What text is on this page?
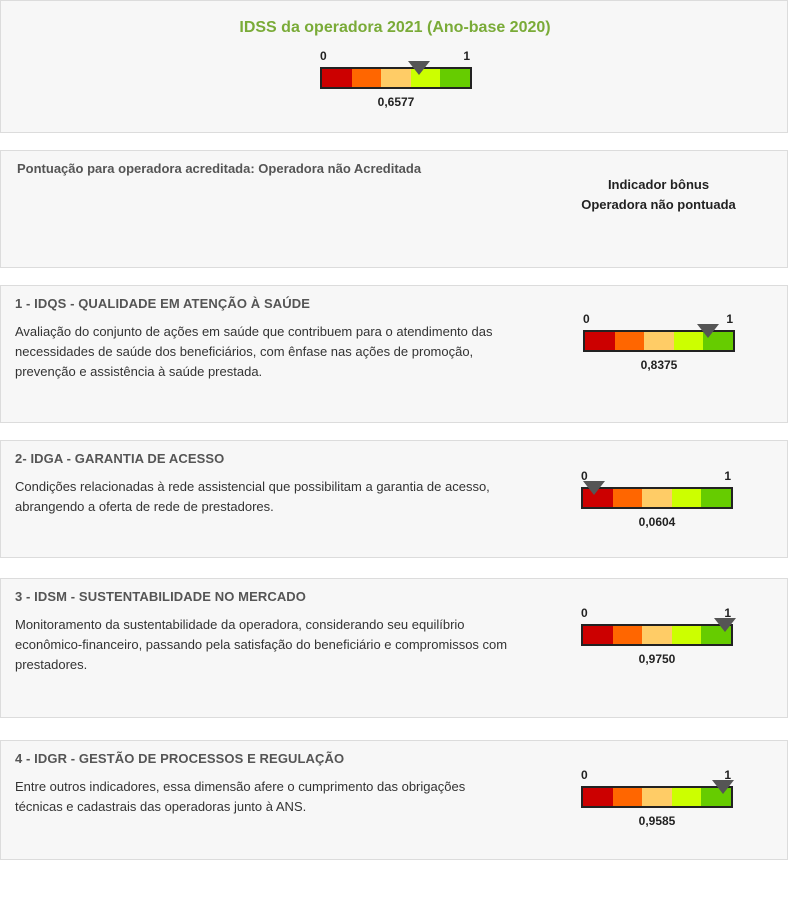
IDSS da operadora 2021 (Ano-base 2020)
0	1
0,6577
Pontuação para operadora acreditada: Operadora não Acreditada
Indicador bônus
Operadora não pontuada
1 - IDQS - QUALIDADE EM ATENÇÃO À SAÚDE
Avaliação do conjunto de ações em saúde que contribuem para o atendimento das necessidades de saúde dos beneficiários, com ênfase nas ações de promoção, prevenção e assistência à saúde prestada.
0	1
0,8375
2- IDGA - GARANTIA DE ACESSO
Condições relacionadas à rede assistencial que possibilitam a garantia de acesso, abrangendo a oferta de rede de prestadores.
0	1
0,0604
3 - IDSM - SUSTENTABILIDADE NO MERCADO
Monitoramento da sustentabilidade da operadora, considerando seu equilíbrio econômico-financeiro, passando pela satisfação do beneficiário e compromissos com prestadores.
0	1
0,9750
4 - IDGR - GESTÃO DE PROCESSOS E REGULAÇÃO
Entre outros indicadores, essa dimensão afere o cumprimento das obrigações técnicas e cadastrais das operadoras junto à ANS.
0	1
0,9585
